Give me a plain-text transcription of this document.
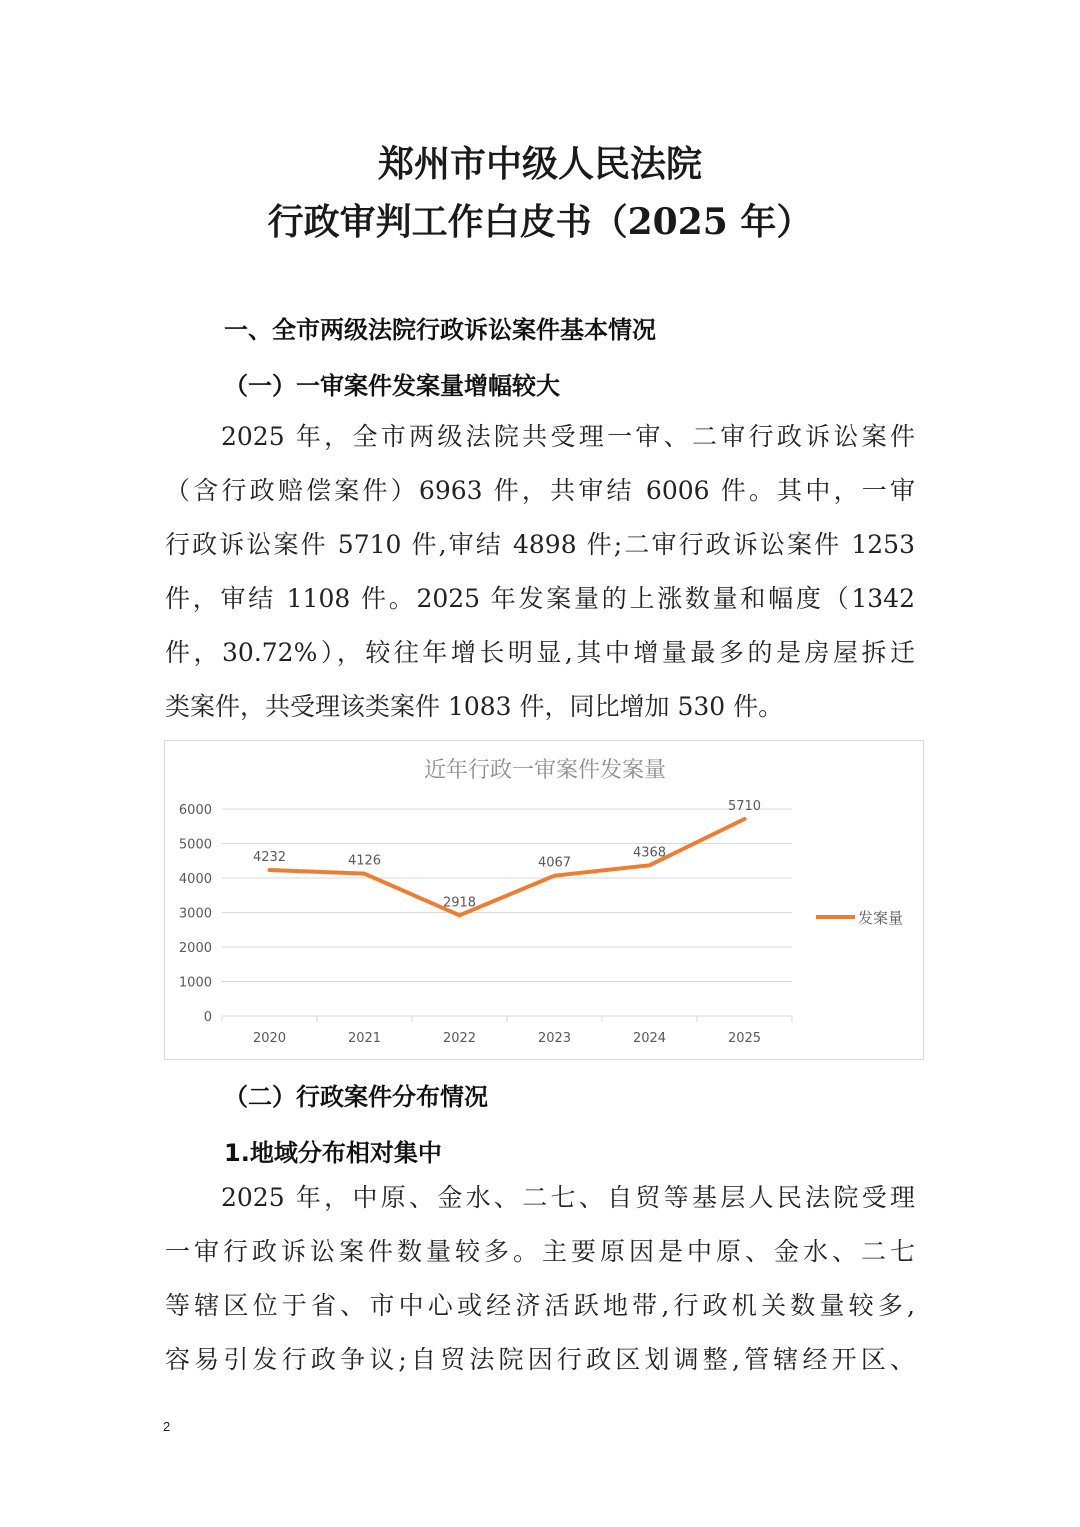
郑州市中级人民法院
行政审判工作白皮书（2025 年）
一、全市两级法院行政诉讼案件基本情况
（一）一审案件发案量增幅较大
2025 年，全市两级法院共受理一审、二审行政诉讼案件
（含行政赔偿案件）6963 件，共审结 6006 件。其中，一审
行政诉讼案件 5710 件,审结 4898 件;二审行政诉讼案件 1253
件，审结 1108 件。2025 年发案量的上涨数量和幅度（1342
件，30.72%），较往年增长明显,其中增量最多的是房屋拆迁
类案件，共受理该类案件 1083 件，同比增加 530 件。
近年行政一审案件发案量
0
1000
2000
3000
4000
5000
6000
2020	2021	2022	2023	2024	2025
4232	4126
2918
4067
4368
5710
发案量
（二）行政案件分布情况
1.地域分布相对集中
2025 年，中原、金水、二七、自贸等基层人民法院受理
一审行政诉讼案件数量较多。主要原因是中原、金水、二七
等辖区位于省、市中心或经济活跃地带,行政机关数量较多,
容易引发行政争议;自贸法院因行政区划调整,管辖经开区、
2
